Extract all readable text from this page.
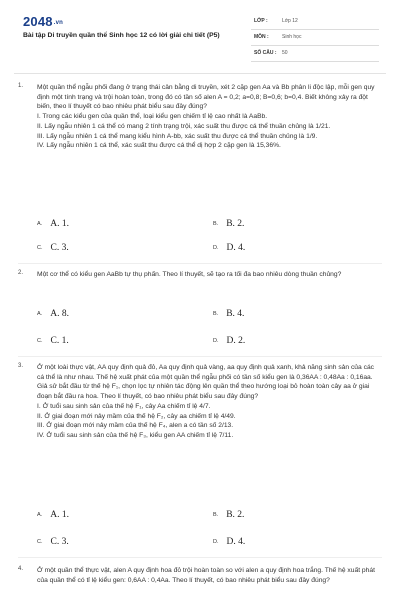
2048.vn
Bài tập Di truyền quần thể Sinh học 12 có lời giải chi tiết (P5)
LỚP :	Lớp 12
MÔN :	Sinh học
SỐ CÂU : 50
1. Một quần thể ngẫu phối đang ở trạng thái cân bằng di truyền, xét 2 cặp gen Aa và Bb phân li độc lập, mỗi gen quy định một tính trạng và trội hoàn toàn, trong đó có tần số alen A = 0,2; a=0,8; B=0,6; b=0,4. Biết không xảy ra đột biến, theo lí thuyết có bao nhiêu phát biểu sau đây đúng?

I. Trong các kiểu gen của quần thể, loại kiểu gen chiếm tỉ lệ cao nhất là AaBb.

II. Lấy ngẫu nhiên 1 cá thể có mang 2 tính trạng trội, xác suất thu được cá thể thuần chủng là 1/21.

III. Lấy ngẫu nhiên 1 cá thể mang kiểu hình A-bb, xác suất thu được cá thể thuần chủng là 1/9.

IV. Lấy ngẫu nhiên 1 cá thể, xác suất thu được cá thể dị hợp 2 cặp gen là 15,36%.

A. A. 1.	B. B. 2.
C. C. 3.	D. D. 4.
2. Một cơ thể có kiểu gen AaBb tự thụ phấn. Theo lí thuyết, sẽ tạo ra tối đa bao nhiêu dòng thuần chủng?

A. A. 8.	B. B. 4.
C. C. 1.	D. D. 2.
3. Ở một loài thực vật, AA quy định quả đỏ, Aa quy định quả vàng, aa quy định quả xanh, khả năng sinh sản của các cá thể là như nhau. Thế hệ xuất phát của một quần thể ngẫu phối có tần số kiểu gen là 0,36AA : 0,48Aa : 0,16aa. Giả sử bắt đầu từ thế hệ F₁, chọn lọc tự nhiên tác động lên quần thể theo hướng loại bỏ hoàn toàn cây aa ở giai đoạn bắt đầu ra hoa. Theo lí thuyết, có bao nhiêu phát biểu sau đây đúng?

I. Ở tuổi sau sinh sản của thế hệ F₁, cây Aa chiếm tỉ lệ 4/7.

II. Ở giai đoạn mới nảy mầm của thế hệ F₂, cây aa chiếm tỉ lệ 4/49.

III. Ở giai đoạn mới nảy mầm của thế hệ F₄, alen a có tần số 2/13.

IV. Ở tuổi sau sinh sản của thế hệ F₃, kiểu gen AA chiếm tỉ lệ 7/11.

A. A. 1.	B. B. 2.
C. C. 3.	D. D. 4.
4. Ở một quần thể thực vật, alen A quy định hoa đỏ trội hoàn toàn so với alen a quy định hoa trắng. Thế hệ xuất phát của quần thể có tỉ lệ kiểu gen: 0,6AA : 0,4Aa. Theo lí thuyết, có bao nhiêu phát biểu sau đây đúng?
